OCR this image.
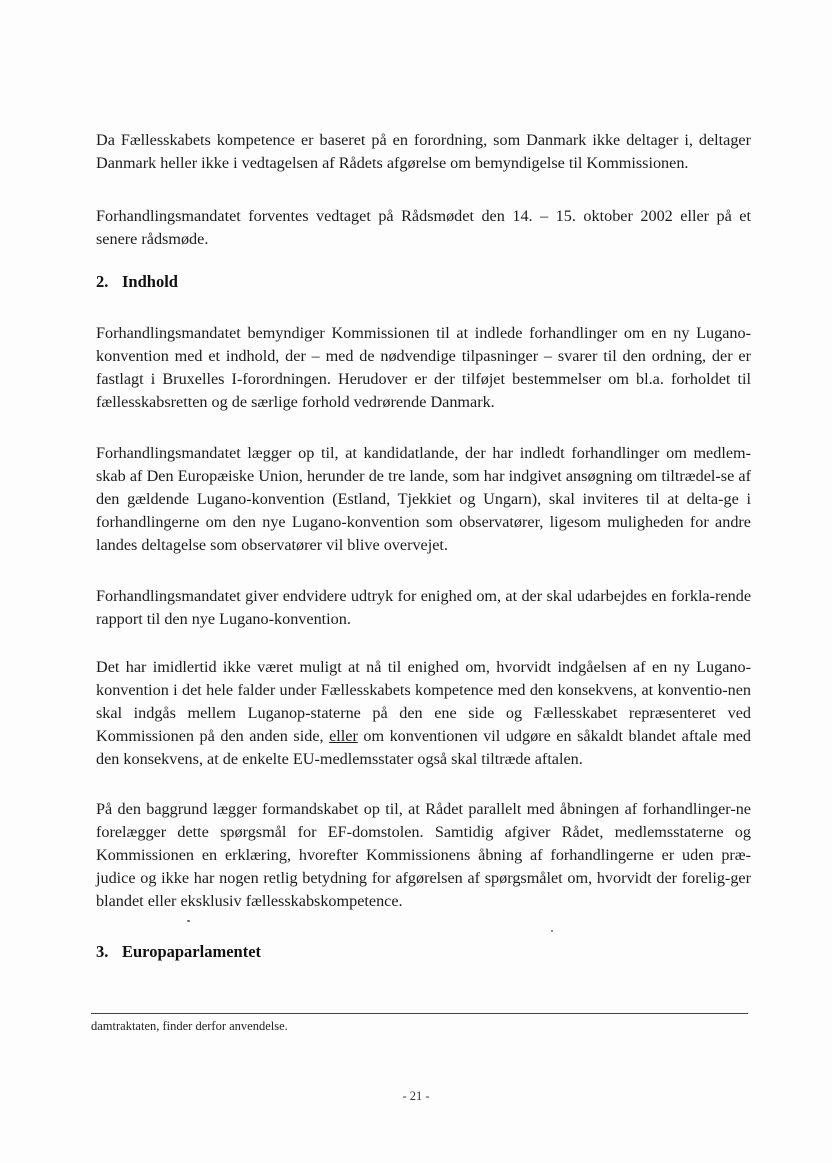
Da Fællesskabets kompetence er baseret på en forordning, som Danmark ikke deltager i, deltager Danmark heller ikke i vedtagelsen af Rådets afgørelse om bemyndigelse til Kommissionen.

Forhandlingsmandatet forventes vedtaget på Rådsmødet den 14. – 15. oktober 2002 eller på et senere rådsmøde.

2. Indhold

Forhandlingsmandatet bemyndiger Kommissionen til at indlede forhandlinger om en ny Lugano-konvention med et indhold, der – med de nødvendige tilpasninger – svarer til den ordning, der er fastlagt i Bruxelles I-forordningen. Herudover er der tilføjet bestemmelser om bl.a. forholdet til fællesskabsretten og de særlige forhold vedrørende Danmark.

Forhandlingsmandatet lægger op til, at kandidatlande, der har indledt forhandlinger om medlem-skab af Den Europæiske Union, herunder de tre lande, som har indgivet ansøgning om tiltrædel-se af den gældende Lugano-konvention (Estland, Tjekkiet og Ungarn), skal inviteres til at delta-ge i forhandlingerne om den nye Lugano-konvention som observatører, ligesom muligheden for andre landes deltagelse som observatører vil blive overvejet.

Forhandlingsmandatet giver endvidere udtryk for enighed om, at der skal udarbejdes en forkla-rende rapport til den nye Lugano-konvention.

Det har imidlertid ikke været muligt at nå til enighed om, hvorvidt indgåelsen af en ny Lugano-konvention i det hele falder under Fællesskabets kompetence med den konsekvens, at konventio-nen skal indgås mellem Luganop-staterne på den ene side og Fællesskabet repræsenteret ved Kommissionen på den anden side, eller om konventionen vil udgøre en såkaldt blandet aftale med den konsekvens, at de enkelte EU-medlemsstater også skal tiltræde aftalen.

På den baggrund lægger formandskabet op til, at Rådet parallelt med åbningen af forhandlinger-ne forelægger dette spørgsmål for EF-domstolen. Samtidig afgiver Rådet, medlemsstaterne og Kommissionen en erklæring, hvorefter Kommissionens åbning af forhandlingerne er uden præ-judice og ikke har nogen retlig betydning for afgørelsen af spørgsmålet om, hvorvidt der forelig-ger blandet eller eksklusiv fællesskabskompetence.

3. Europaparlamentet

damtraktaten, finder derfor anvendelse.

- 21 -
